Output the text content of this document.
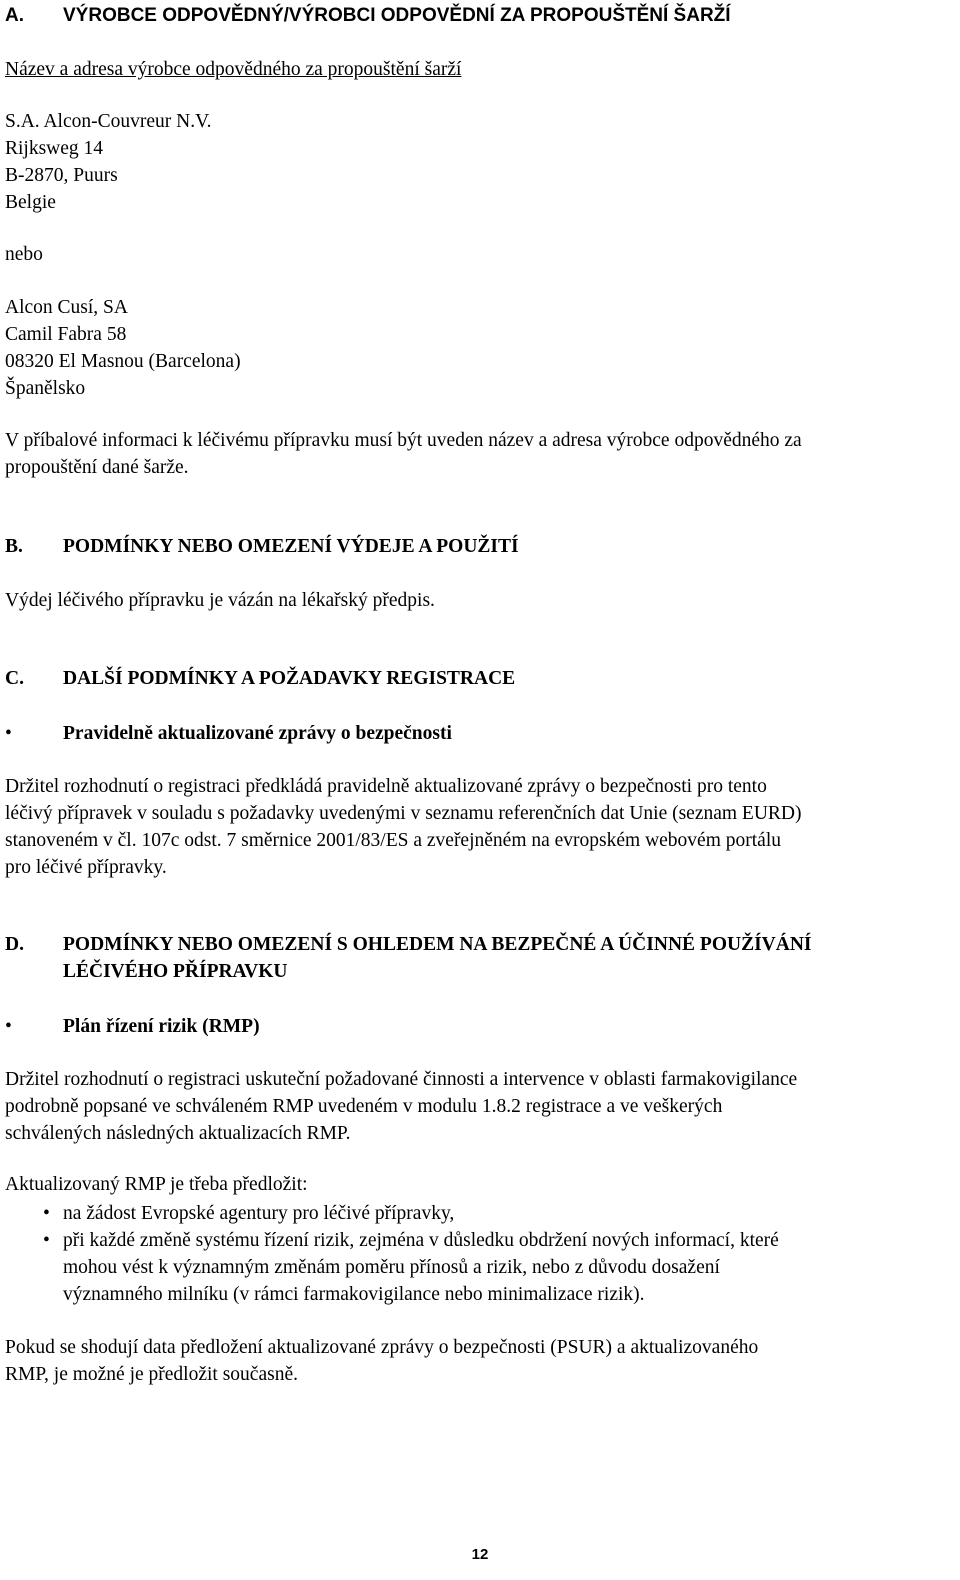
A. VÝROBCE ODPOVĚDNÝ/VÝROBCI ODPOVĚDNÍ ZA PROPOUŠTĚNÍ ŠARŽÍ
Název a adresa výrobce odpovědného za propouštění šarží
S.A. Alcon-Couvreur N.V.
Rijksweg 14
B-2870, Puurs
Belgie
nebo
Alcon Cusí, SA
Camil Fabra 58
08320 El Masnou (Barcelona)
Španělsko
V příbalové informaci k léčivému přípravku musí být uveden název a adresa výrobce odpovědného za
propouštění dané šarže.
B. PODMÍNKY NEBO OMEZENÍ VÝDEJE A POUŽITÍ
Výdej léčivého přípravku je vázán na lékařský předpis.
C. DALŠÍ PODMÍNKY A POŽADAVKY REGISTRACE
•	Pravidelně aktualizované zprávy o bezpečnosti
Držitel rozhodnutí o registraci předkládá pravidelně aktualizované zprávy o bezpečnosti pro tento
léčivý přípravek v souladu s požadavky uvedenými v seznamu referenčních dat Unie (seznam EURD)
stanoveném v čl. 107c odst. 7 směrnice 2001/83/ES a zveřejněném na evropském webovém portálu
pro léčivé přípravky.
D. PODMÍNKY NEBO OMEZENÍ S OHLEDEM NA BEZPEČNÉ A ÚČINNÉ POUŽÍVÁNÍ
LÉČIVÉHO PŘÍPRAVKU
•	Plán řízení rizik (RMP)
Držitel rozhodnutí o registraci uskuteční požadované činnosti a intervence v oblasti farmakovigilance
podrobně popsané ve schváleném RMP uvedeném v modulu 1.8.2 registrace a ve veškerých
schválených následných aktualizacích RMP.
Aktualizovaný RMP je třeba předložit:
• na žádost Evropské agentury pro léčivé přípravky,
• při každé změně systému řízení rizik, zejména v důsledku obdržení nových informací, které
mohou vést k významným změnám poměru přínosů a rizik, nebo z důvodu dosažení
významného milníku (v rámci farmakovigilance nebo minimalizace rizik).
Pokud se shodují data předložení aktualizované zprávy o bezpečnosti (PSUR) a aktualizovaného
RMP, je možné je předložit současně.
12
